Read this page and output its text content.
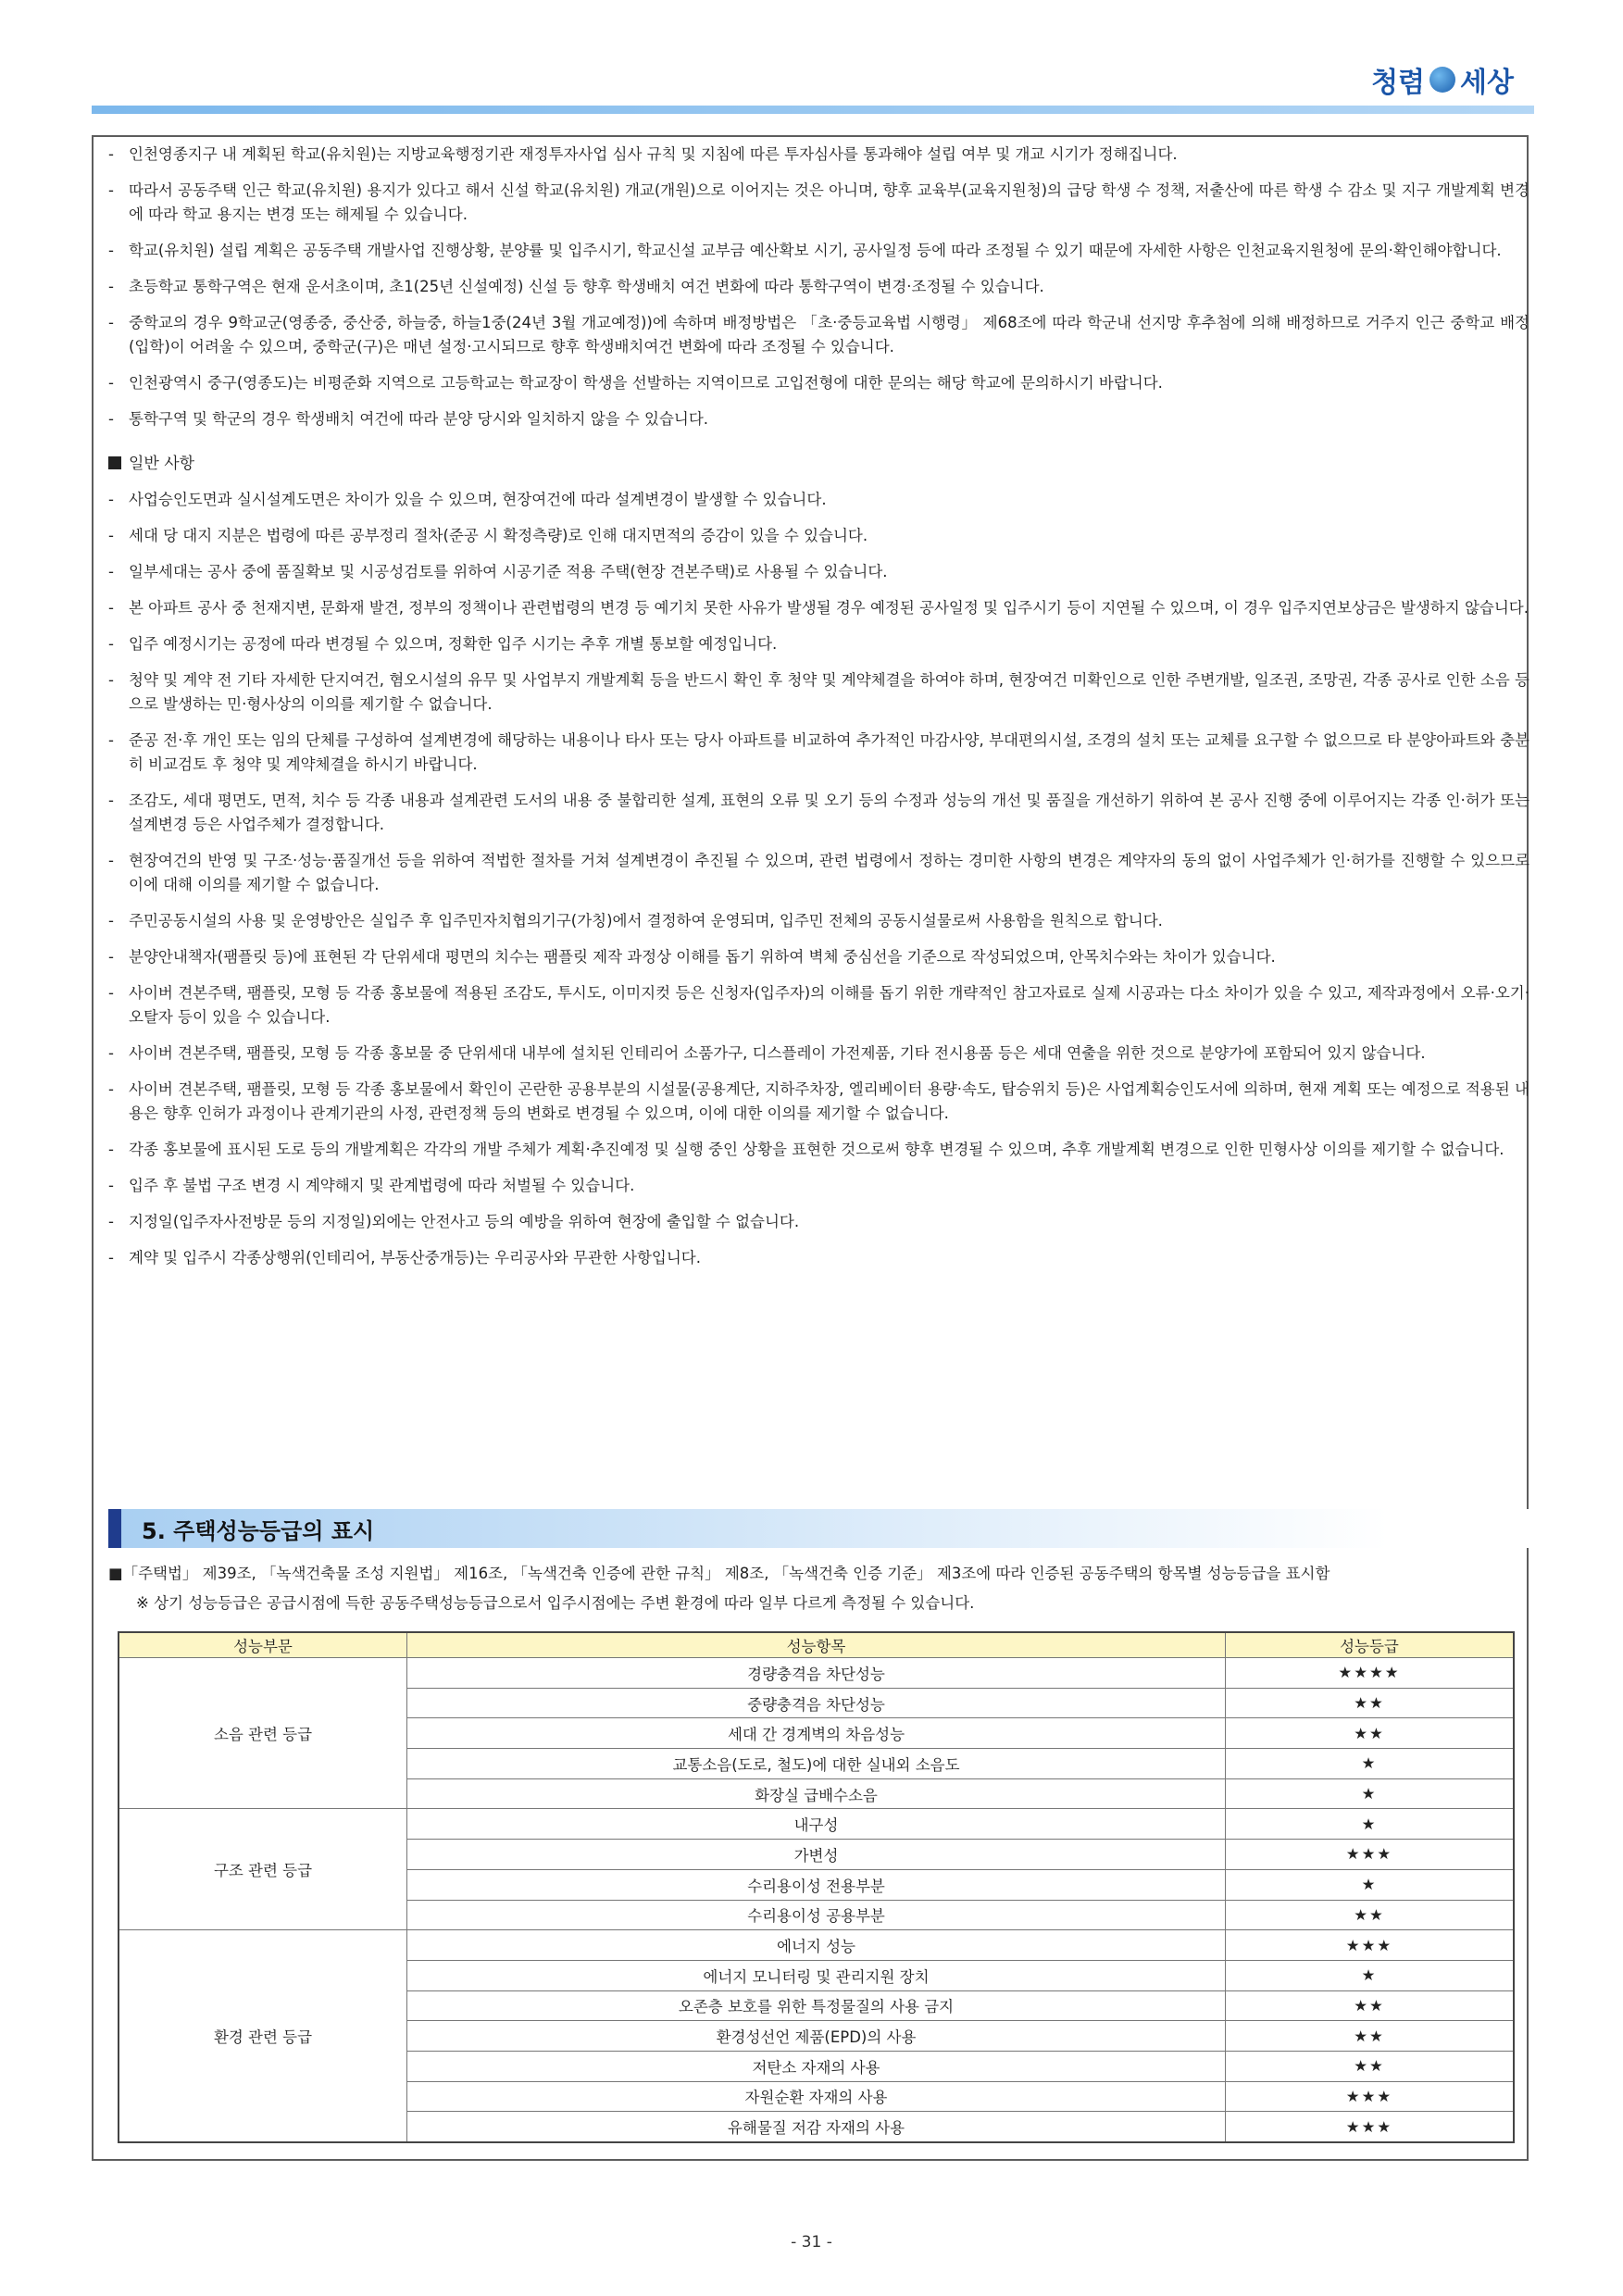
청렴 세상
- 인천영종지구 내 계획된 학교(유치원)는 지방교육행정기관 재정투자사업 심사 규칙 및 지침에 따른 투자심사를 통과해야 설립 여부 및 개교 시기가 정해집니다.
- 따라서 공동주택 인근 학교(유치원) 용지가 있다고 해서 신설 학교(유치원) 개교(개원)으로 이어지는 것은 아니며, 향후 교육부(교육지원청)의 급당 학생 수 정책, 저출산에 따른 학생 수 감소 및 지구 개발계획 변경에 따라 학교 용지는 변경 또는 해제될 수 있습니다.
- 학교(유치원) 설립 계획은 공동주택 개발사업 진행상황, 분양률 및 입주시기, 학교신설 교부금 예산확보 시기, 공사일정 등에 따라 조정될 수 있기 때문에 자세한 사항은 인천교육지원청에 문의·확인해야합니다.
- 초등학교 통학구역은 현재 운서초이며, 초1(25년 신설예정) 신설 등 향후 학생배치 여건 변화에 따라 통학구역이 변경·조정될 수 있습니다.
- 중학교의 경우 9학교군(영종중, 중산중, 하늘중, 하늘1중(24년 3월 개교예정))에 속하며 배정방법은 「초·중등교육법 시행령」 제68조에 따라 학군내 선지망 후추첨에 의해 배정하므로 거주지 인근 중학교 배정(입학)이 어려울 수 있으며, 중학군(구)은 매년 설정·고시되므로 향후 학생배치여건 변화에 따라 조정될 수 있습니다.
- 인천광역시 중구(영종도)는 비평준화 지역으로 고등학교는 학교장이 학생을 선발하는 지역이므로 고입전형에 대한 문의는 해당 학교에 문의하시기 바랍니다.
- 통학구역 및 학군의 경우 학생배치 여건에 따라 분양 당시와 일치하지 않을 수 있습니다.
일반 사항
- 사업승인도면과 실시설계도면은 차이가 있을 수 있으며, 현장여건에 따라 설계변경이 발생할 수 있습니다.
- 세대 당 대지 지분은 법령에 따른 공부정리 절차(준공 시 확정측량)로 인해 대지면적의 증감이 있을 수 있습니다.
- 일부세대는 공사 중에 품질확보 및 시공성검토를 위하여 시공기준 적용 주택(현장 견본주택)로 사용될 수 있습니다.
- 본 아파트 공사 중 천재지변, 문화재 발견, 정부의 정책이나 관련법령의 변경 등 예기치 못한 사유가 발생될 경우 예정된 공사일정 및 입주시기 등이 지연될 수 있으며, 이 경우 입주지연보상금은 발생하지 않습니다.
- 입주 예정시기는 공정에 따라 변경될 수 있으며, 정확한 입주 시기는 추후 개별 통보할 예정입니다.
- 청약 및 계약 전 기타 자세한 단지여건, 혐오시설의 유무 및 사업부지 개발계획 등을 반드시 확인 후 청약 및 계약체결을 하여야 하며, 현장여건 미확인으로 인한 주변개발, 일조권, 조망권, 각종 공사로 인한 소음 등으로 발생하는 민·형사상의 이의를 제기할 수 없습니다.
- 준공 전·후 개인 또는 임의 단체를 구성하여 설계변경에 해당하는 내용이나 타사 또는 당사 아파트를 비교하여 추가적인 마감사양, 부대편의시설, 조경의 설치 또는 교체를 요구할 수 없으므로 타 분양아파트와 충분히 비교검토 후 청약 및 계약체결을 하시기 바랍니다.
- 조감도, 세대 평면도, 면적, 치수 등 각종 내용과 설계관련 도서의 내용 중 불합리한 설계, 표현의 오류 및 오기 등의 수정과 성능의 개선 및 품질을 개선하기 위하여 본 공사 진행 중에 이루어지는 각종 인·허가 또는 설계변경 등은 사업주체가 결정합니다.
- 현장여건의 반영 및 구조·성능·품질개선 등을 위하여 적법한 절차를 거쳐 설계변경이 추진될 수 있으며, 관련 법령에서 정하는 경미한 사항의 변경은 계약자의 동의 없이 사업주체가 인·허가를 진행할 수 있으므로 이에 대해 이의를 제기할 수 없습니다.
- 주민공동시설의 사용 및 운영방안은 실입주 후 입주민자치협의기구(가칭)에서 결정하여 운영되며, 입주민 전체의 공동시설물로써 사용함을 원칙으로 합니다.
- 분양안내책자(팸플릿 등)에 표현된 각 단위세대 평면의 치수는 팸플릿 제작 과정상 이해를 돕기 위하여 벽체 중심선을 기준으로 작성되었으며, 안목치수와는 차이가 있습니다.
- 사이버 견본주택, 팸플릿, 모형 등 각종 홍보물에 적용된 조감도, 투시도, 이미지컷 등은 신청자(입주자)의 이해를 돕기 위한 개략적인 참고자료로 실제 시공과는 다소 차이가 있을 수 있고, 제작과정에서 오류·오기·오탈자 등이 있을 수 있습니다.
- 사이버 견본주택, 팸플릿, 모형 등 각종 홍보물 중 단위세대 내부에 설치된 인테리어 소품가구, 디스플레이 가전제품, 기타 전시용품 등은 세대 연출을 위한 것으로 분양가에 포함되어 있지 않습니다.
- 사이버 견본주택, 팸플릿, 모형 등 각종 홍보물에서 확인이 곤란한 공용부분의 시설물(공용계단, 지하주차장, 엘리베이터 용량·속도, 탑승위치 등)은 사업계획승인도서에 의하며, 현재 계획 또는 예정으로 적용된 내용은 향후 인허가 과정이나 관계기관의 사정, 관련정책 등의 변화로 변경될 수 있으며, 이에 대한 이의를 제기할 수 없습니다.
- 각종 홍보물에 표시된 도로 등의 개발계획은 각각의 개발 주체가 계획·추진예정 및 실행 중인 상황을 표현한 것으로써 향후 변경될 수 있으며, 추후 개발계획 변경으로 인한 민형사상 이의를 제기할 수 없습니다.
- 입주 후 불법 구조 변경 시 계약해지 및 관계법령에 따라 처벌될 수 있습니다.
- 지정일(입주자사전방문 등의 지정일)외에는 안전사고 등의 예방을 위하여 현장에 출입할 수 없습니다.
- 계약 및 입주시 각종상행위(인테리어, 부동산중개등)는 우리공사와 무관한 사항입니다.
5. 주택성능등급의 표시
■「주택법」 제39조, 「녹색건축물 조성 지원법」 제16조, 「녹색건축 인증에 관한 규칙」 제8조, 「녹색건축 인증 기준」 제3조에 따라 인증된 공동주택의 항목별 성능등급을 표시함
※ 상기 성능등급은 공급시점에 득한 공동주택성능등급으로서 입주시점에는 주변 환경에 따라 일부 다르게 측정될 수 있습니다.
성능부문	성능항목	성능등급
소음 관련 등급	경량충격음 차단성능	★★★★
	중량충격음 차단성능	★★
	세대 간 경계벽의 차음성능	★★
	교통소음(도로, 철도)에 대한 실내외 소음도	★
	화장실 급배수소음	★
구조 관련 등급	내구성	★
	가변성	★★★
	수리용이성 전용부분	★
	수리용이성 공용부분	★★
환경 관련 등급	에너지 성능	★★★
	에너지 모니터링 및 관리지원 장치	★
	오존층 보호를 위한 특정물질의 사용 금지	★★
	환경성선언 제품(EPD)의 사용	★★
	저탄소 자재의 사용	★★
	자원순환 자재의 사용	★★★
	유해물질 저감 자재의 사용	★★★
- 31 -
